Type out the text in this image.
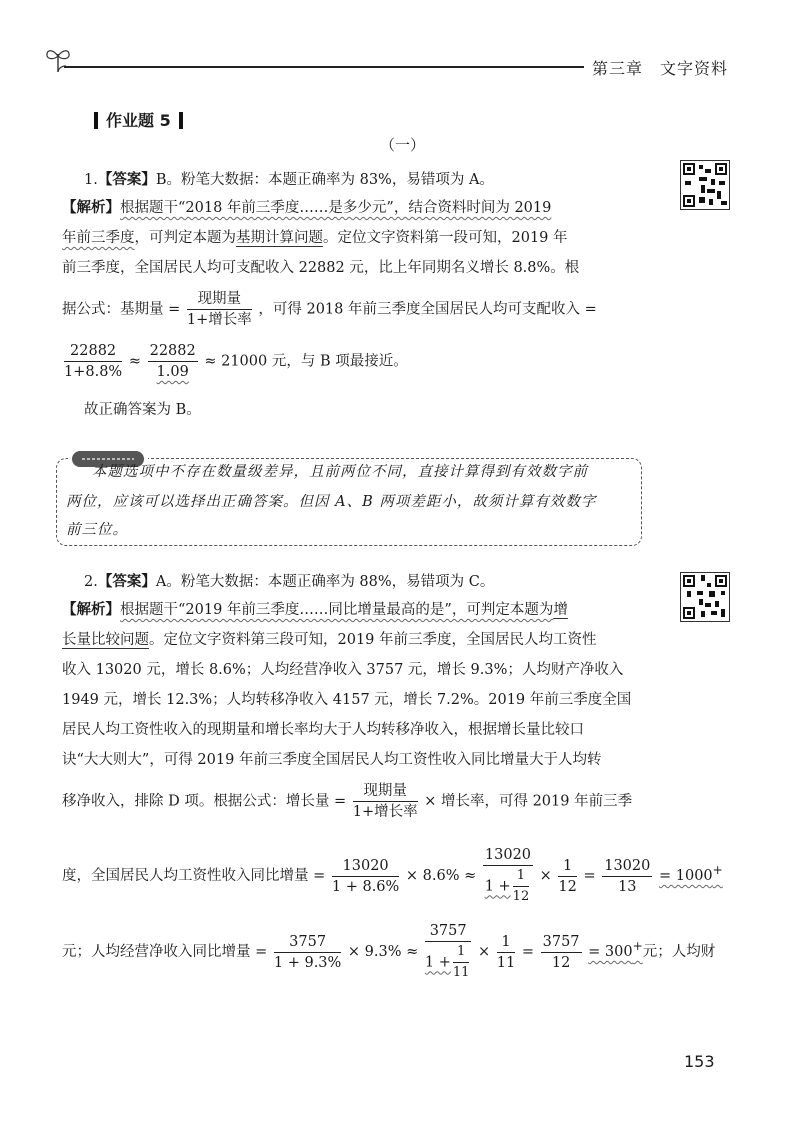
第三章　文字资料
作业题 5
（一）
1.【答案】B。粉笔大数据：本题正确率为 83%，易错项为 A。
【解析】根据题干“2018 年前三季度……是多少元”，结合资料时间为 2019
年前三季度，可判定本题为基期计算问题。定位文字资料第一段可知，2019 年
前三季度，全国居民人均可支配收入 22882 元，比上年同期名义增长 8.8%。根
据公式：基期量 = $\frac{\text{现期量}}{\text{1+增长率}}$ ，可得 2018 年前三季度全国居民人均可支配收入 =
$\frac{22882}{1+8.8\%} \approx \frac{22882}{1.09} \approx 21000$ 元，与 B 项最接近。
故正确答案为 B。
本题选项中不存在数量级差异，且前两位不同，直接计算得到有效数字前
两位，应该可以选择出正确答案。但因 A、B 两项差距小，故须计算有效数字
前三位。
2.【答案】A。粉笔大数据：本题正确率为 88%，易错项为 C。
【解析】根据题干“2019 年前三季度……同比增量最高的是”，可判定本题为增
长量比较问题。定位文字资料第三段可知，2019 年前三季度，全国居民人均工资性
收入 13020 元，增长 8.6%；人均经营净收入 3757 元，增长 9.3%；人均财产净收入
1949 元，增长 12.3%；人均转移净收入 4157 元，增长 7.2%。2019 年前三季度全国
居民人均工资性收入的现期量和增长率均大于人均转移净收入，根据增长量比较口
诀“大大则大”，可得 2019 年前三季度全国居民人均工资性收入同比增量大于人均转
移净收入，排除 D 项。根据公式：增长量 = $\frac{\text{现期量}}{\text{1+增长率}}$ × 增长率，可得 2019 年前三季
度，全国居民人均工资性收入同比增量 = $\frac{13020}{1 + 8.6\%} \times 8.6\% \approx \frac{13020}{1 + \frac{1}{12}} \times \frac{1}{12} = \frac{13020}{13} = 1000^+$
元；人均经营净收入同比增量 = $\frac{3757}{1 + 9.3\%} \times 9.3\% \approx \frac{3757}{1 + \frac{1}{11}} \times \frac{1}{11} = \frac{3757}{12} = 300^+$元；人均财
153
